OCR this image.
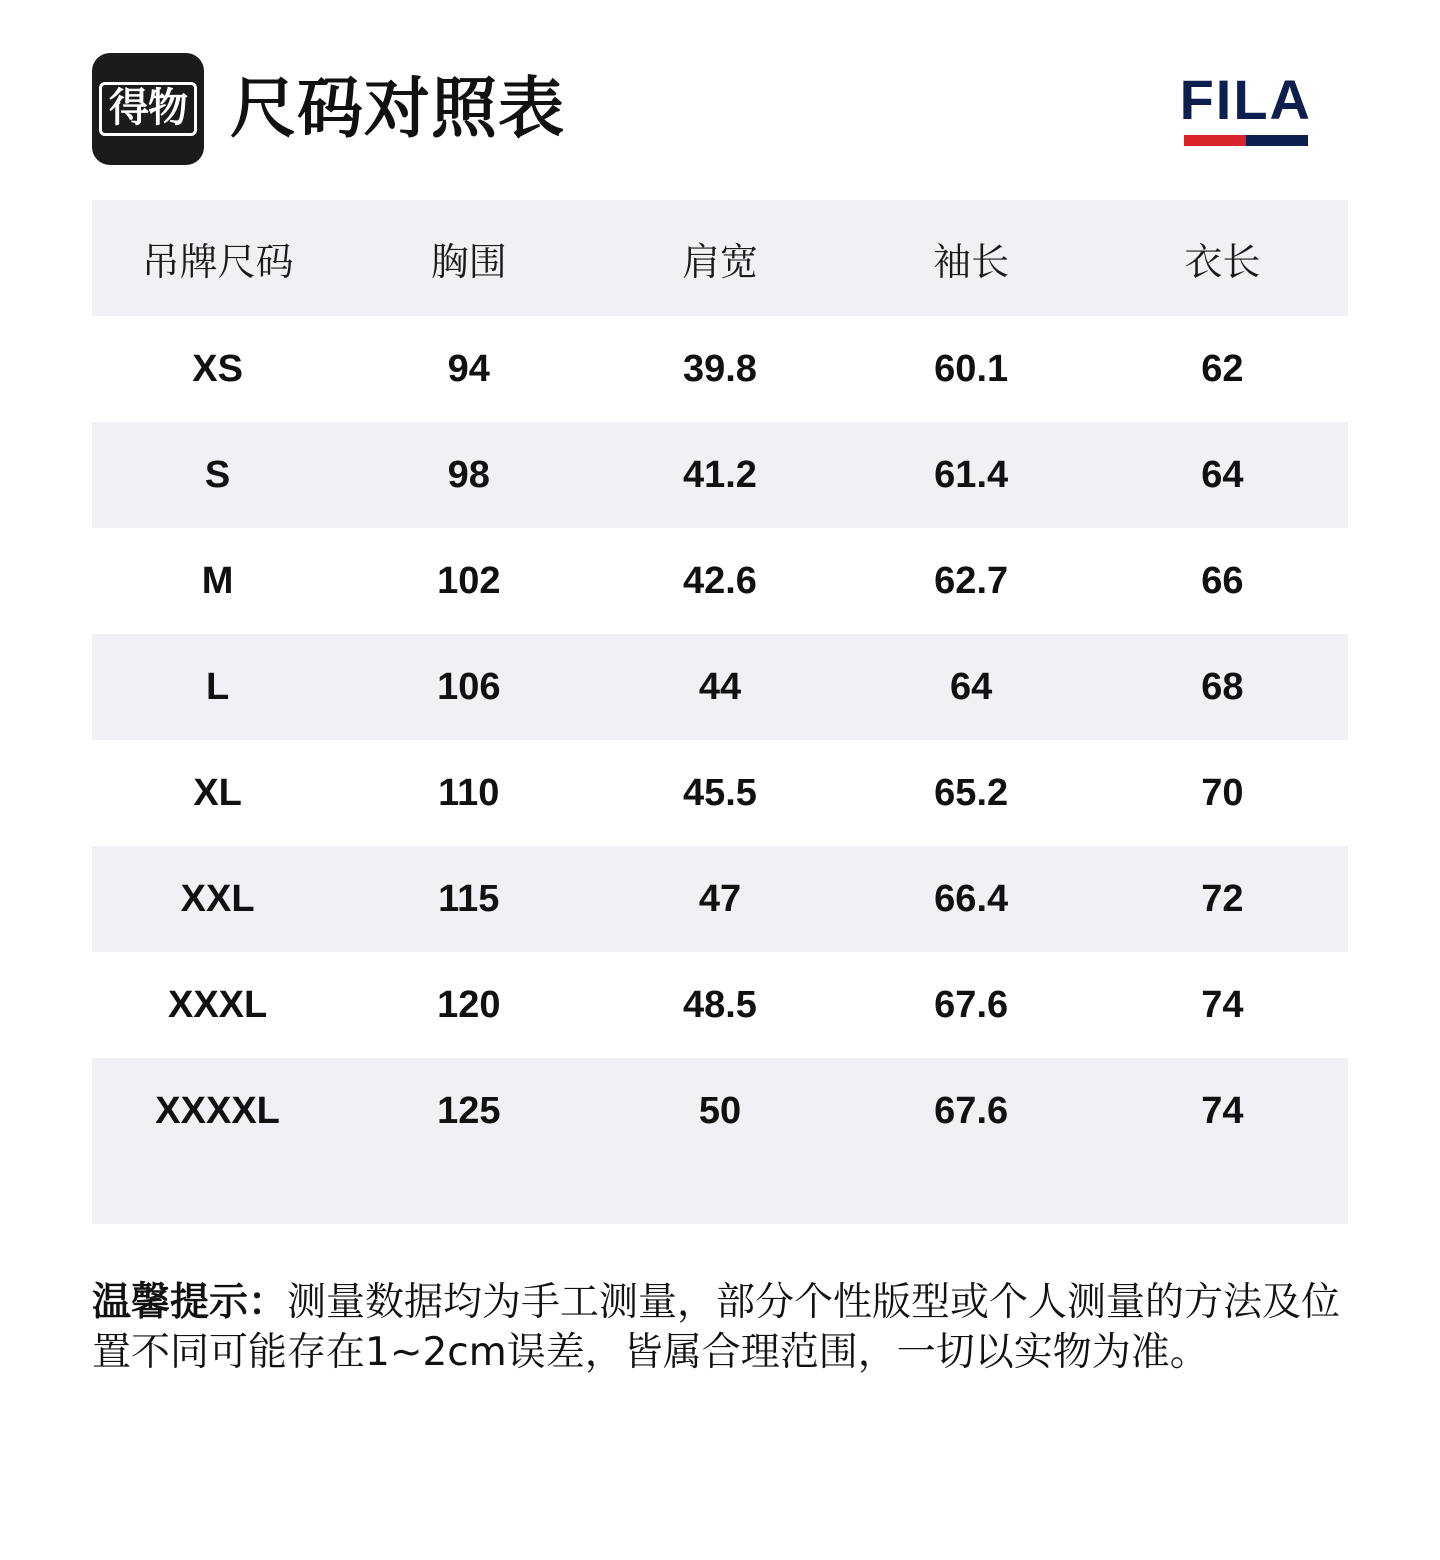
得物 尺码对照表	FILA
吊牌尺码	胸围	肩宽	袖长	衣长
XS	94	39.8	60.1	62
S	98	41.2	61.4	64
M	102	42.6	62.7	66
L	106	44	64	68
XL	110	45.5	65.2	70
XXL	115	47	66.4	72
XXXL	120	48.5	67.6	74
XXXXL	125	50	67.6	74
温馨提示：测量数据均为手工测量，部分个性版型或个人测量的方法及位置不同可能存在1~2cm误差，皆属合理范围，一切以实物为准。
